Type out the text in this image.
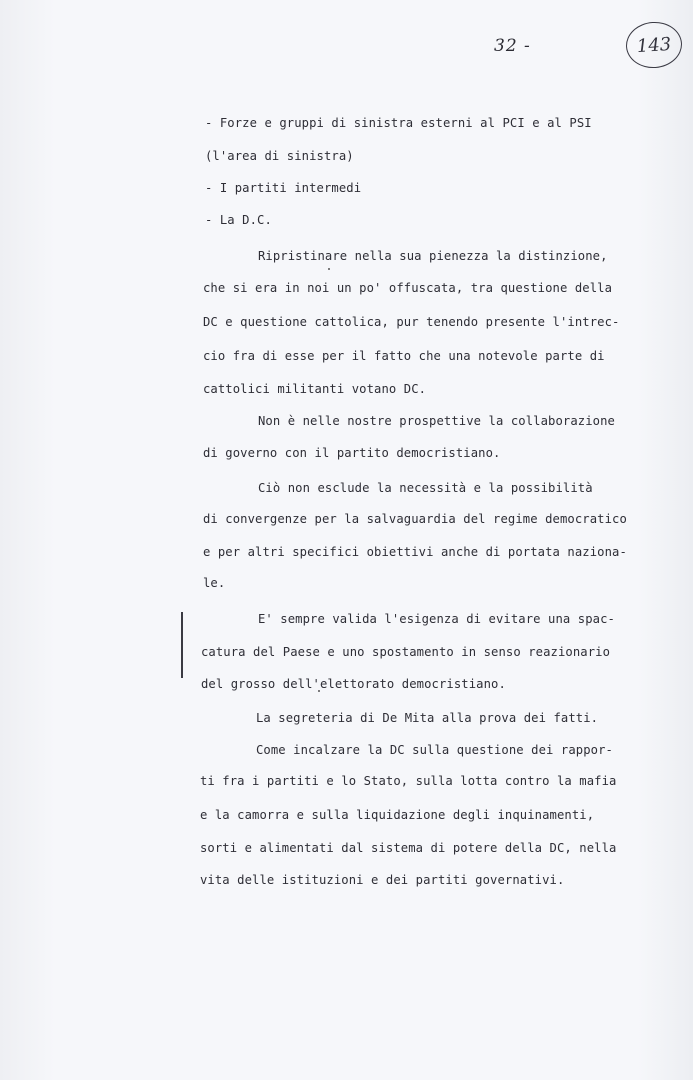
32 -	143
- Forze e gruppi di sinistra esterni al PCI e al PSI
(l'area di sinistra)
- I partiti intermedi
- La D.C.
Ripristinare nella sua pienezza la distinzione,
che si era in noi un po' offuscata, tra questione della
DC e questione cattolica, pur tenendo presente l'intrec-
cio fra di esse per il fatto che una notevole parte di
cattolici militanti votano DC.
Non è nelle nostre prospettive la collaborazione
di governo con il partito democristiano.
Ciò non esclude la necessità e la possibilità
di convergenze per la salvaguardia del regime democratico
e per altri specifici obiettivi anche di portata naziona-
le.
E' sempre valida l'esigenza di evitare una spac-
catura del Paese e uno spostamento in senso reazionario
del grosso dell'elettorato democristiano.
La segreteria di De Mita alla prova dei fatti.
Come incalzare la DC sulla questione dei rappor-
ti fra i partiti e lo Stato, sulla lotta contro la mafia
e la camorra e sulla liquidazione degli inquinamenti,
sorti e alimentati dal sistema di potere della DC, nella
vita delle istituzioni e dei partiti governativi.
